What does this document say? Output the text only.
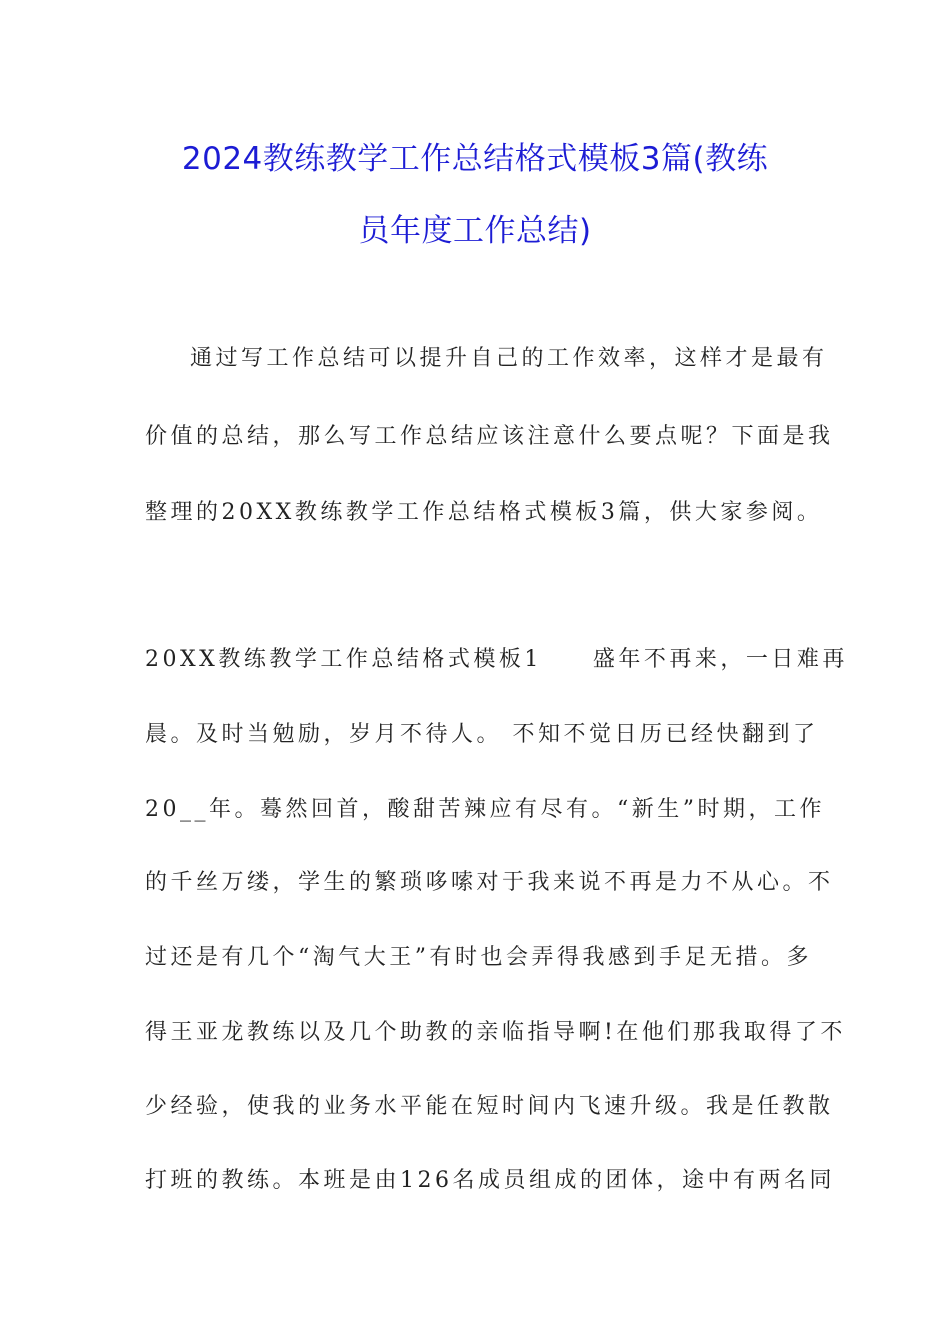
2024教练教学工作总结格式模板3篇(教练
员年度工作总结)
通过写工作总结可以提升自己的工作效率，这样才是最有
价值的总结，那么写工作总结应该注意什么要点呢？下面是我
整理的20XX教练教学工作总结格式模板3篇，供大家参阅。
20XX教练教学工作总结格式模板1　　盛年不再来，一日难再
晨。及时当勉励，岁月不待人。 不知不觉日历已经快翻到了
20__年。蓦然回首，酸甜苦辣应有尽有。“新生”时期，工作
的千丝万缕，学生的繁琐哆嗦对于我来说不再是力不从心。不
过还是有几个“淘气大王”有时也会弄得我感到手足无措。多
得王亚龙教练以及几个助教的亲临指导啊!在他们那我取得了不
少经验，使我的业务水平能在短时间内飞速升级。我是任教散
打班的教练。本班是由126名成员组成的团体，途中有两名同
